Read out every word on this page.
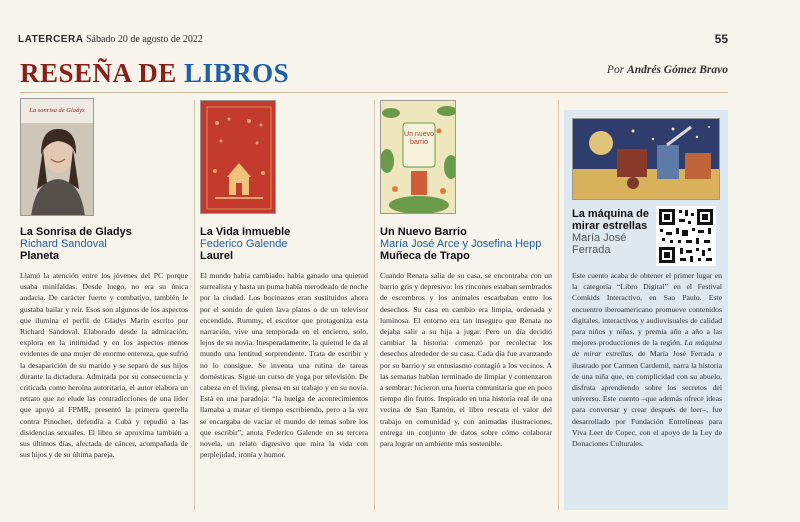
LATERCERA Sábado 20 de agosto de 2022	55
RESEÑA DE LIBROS	Por Andrés Gómez Bravo
La sonrisa de Gladys
La Sonrisa de Gladys
Richard Sandoval
Planeta
Llamó la atención entre los jóvenes del PC porque usaba minifaldas. Desde luego, no era su única audacia. De carácter fuerte y combativo, también le gustaba bailar y reír. Esos son algunos de los aspectos que ilumina el perfil de Gladys Marín escrito por Richard Sandoval. Elaborado desde la admiración, explora en la intimidad y en los aspectos menos evidentes de una mujer de enorme entereza, que sufrió la desaparición de su marido y se separó de sus hijos durante la dictadura. Admirada por su consecuencia y criticada como heroína autoritaria, el autor elabora un retrato que no elude las contradicciones de una líder que apoyó al FPMR, presentó la primera querella contra Pinochet, defendía a Cuba y repudió a las disidencias sexuales. El libro se aproxima también a sus últimos días, afectada de cáncer, acompañada de sus hijos y de su última pareja.
La Vida Inmueble
Federico Galende
Laurel
El mundo había cambiado: había ganado una quietud surrealista y hasta un puma había merodeado de noche por la ciudad. Los bocinazos eran sustituidos ahora por el sonido de quien lava platos o de un televisor encendido. Rummy, el escritor que protagoniza esta narración, vive una temporada en el encierro, solo, lejos de su novia. Inesperadamente, la quietud le da al mundo una lentitud sorprendente. Trata de escribir y no lo consigue. Se inventa una rutina de tareas domésticas. Sigue un curso de yoga por televisión. De cabeza en el living, piensa en su trabajo y en su novia. Está en una paradoja: “la huelga de acontecimientos llamaba a matar el tiempo escribiendo, pero a la vez se encargaba de vaciar el mundo de temas sobre los que escribir”, anota Federico Galende en su tercera novela, un relato digresivo que mira la vida con perplejidad, ironía y humor.
Un nuevo barrio
Un Nuevo Barrio
María José Arce y Josefina Hepp
Muñeca de Trapo
Cuando Renata salía de su casa, se encontraba con un barrio gris y depresivo: los rincones estaban sembrados de escombros y los animales escarbaban entre los desechos. Su casa en cambio era limpia, ordenada y luminosa. El entorno era tan inseguro que Renata no dejaba salir a su hija a jugar. Pero un día decidió cambiar la historia: comenzó por recolectar los desechos alrededor de su casa. Cada día fue avanzando por su barrio y su entusiasmo contagió a los vecinos. A las semanas habían terminado de limpiar y comenzaron a sembrar: hicieron una huerta comunitaria que en poco tiempo dio frutos. Inspirado en una historia real de una vecina de San Ramón, el libro rescata el valor del trabajo en comunidad y, con animadas ilustraciones, entrega un conjunto de datos sobre cómo colaborar para lograr un ambiente más sostenible.
La máquina de mirar estrellas
María José Ferrada
Este cuento acaba de obtener el primer lugar en la categoría “Libro Digital” en el Festival Comkids Interactivo, en Sao Paulo. Este encuentro iberoamericano promueve contenidos digitales, interactivos y audiovisuales de calidad para niños y niñas, y premia año a año a las mejores producciones de la región. La máquina de mirar estrellas, de María José Ferrada e ilustrado por Carmen Cardemil, narra la historia de una niña que, en complicidad con su abuelo, disfruta aprendiendo sobre los secretos del universo. Este cuento –que además ofrece ideas para conversar y crear después de leer–, fue desarrollado por Fundación Entrelíneas para Viva Leer de Copec, con el apoyo de la Ley de Donaciones Culturales.
